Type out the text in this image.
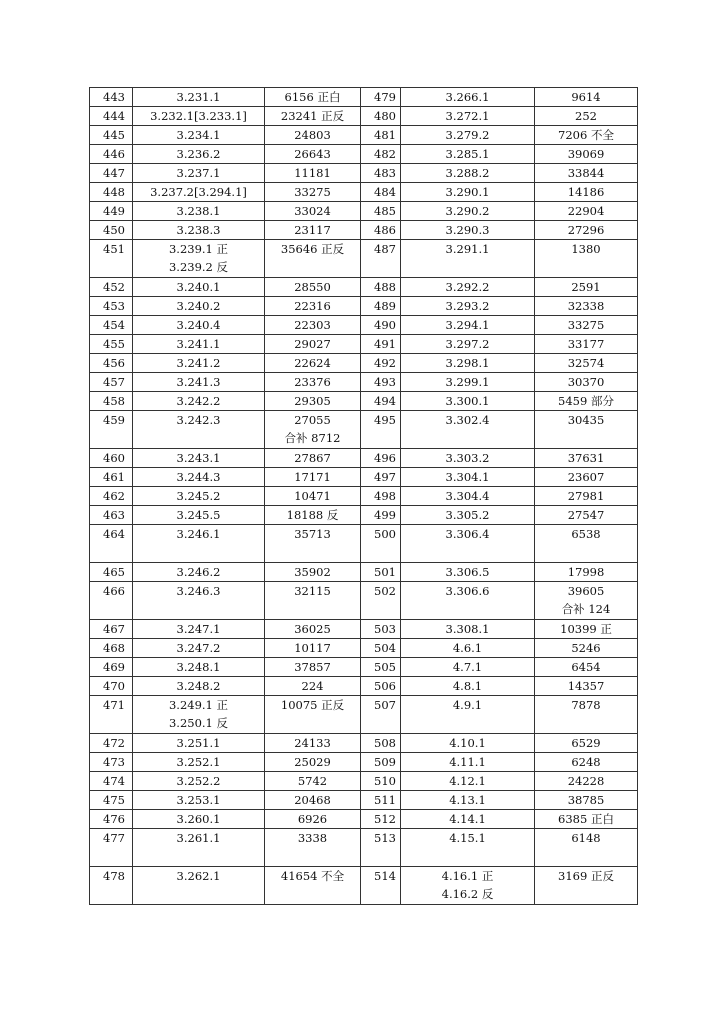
443	3.231.1	6156 正白	479	3.266.1	9614

444	3.232.1[3.233.1]	23241 正反	480	3.272.1	252

445	3.234.1	24803	481	3.279.2	7206 不全

446	3.236.2	26643	482	3.285.1	39069

447	3.237.1	11181	483	3.288.2	33844

448	3.237.2[3.294.1]	33275	484	3.290.1	14186

449	3.238.1	33024	485	3.290.2	22904

450	3.238.3	23117	486	3.290.3	27296

451	3.239.1 正
3.239.2 反	35646 正反	487	3.291.1	1380

452	3.240.1	28550	488	3.292.2	2591

453	3.240.2	22316	489	3.293.2	32338

454	3.240.4	22303	490	3.294.1	33275

455	3.241.1	29027	491	3.297.2	33177

456	3.241.2	22624	492	3.298.1	32574

457	3.241.3	23376	493	3.299.1	30370

458	3.242.2	29305	494	3.300.1	5459 部分

459	3.242.3	27055
合补 8712	495	3.302.4	30435

460	3.243.1	27867	496	3.303.2	37631

461	3.244.3	17171	497	3.304.1	23607

462	3.245.2	10471	498	3.304.4	27981

463	3.245.5	18188 反	499	3.305.2	27547

464	3.246.1	35713	500	3.306.4	6538

465	3.246.2	35902	501	3.306.5	17998

466	3.246.3	32115	502	3.306.6	39605
合补 124

467	3.247.1	36025	503	3.308.1	10399 正

468	3.247.2	10117	504	4.6.1	5246

469	3.248.1	37857	505	4.7.1	6454

470	3.248.2	224	506	4.8.1	14357

471	3.249.1 正
3.250.1 反	10075 正反	507	4.9.1	7878

472	3.251.1	24133	508	4.10.1	6529

473	3.252.1	25029	509	4.11.1	6248

474	3.252.2	5742	510	4.12.1	24228

475	3.253.1	20468	511	4.13.1	38785

476	3.260.1	6926	512	4.14.1	6385 正白

477	3.261.1	3338	513	4.15.1	6148

478	3.262.1	41654 不全	514	4.16.1 正
4.16.2 反	3169 正反
